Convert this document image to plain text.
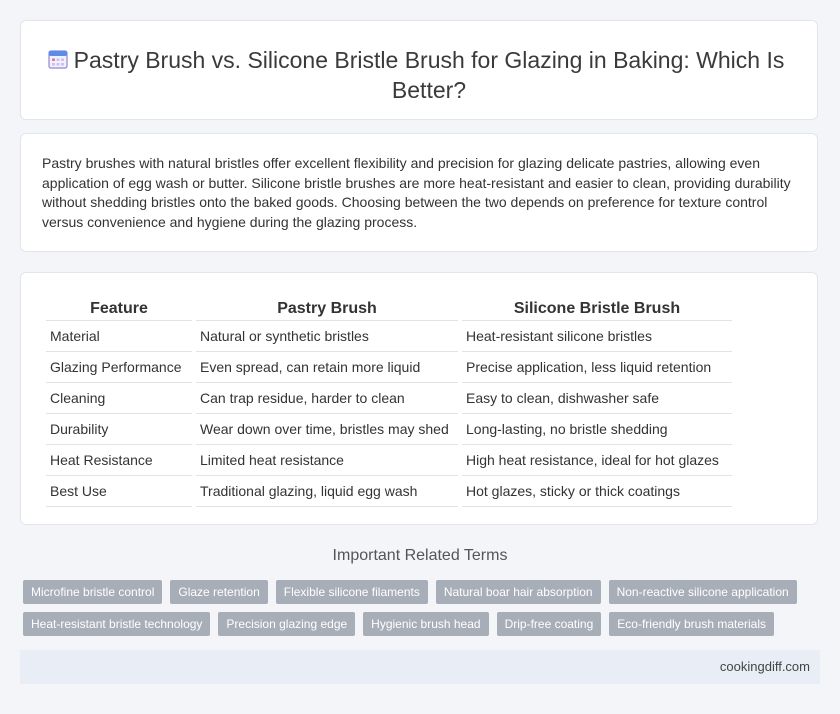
Pastry Brush vs. Silicone Bristle Brush for Glazing in Baking: Which Is Better?

Pastry brushes with natural bristles offer excellent flexibility and precision for glazing delicate pastries, allowing even application of egg wash or butter. Silicone bristle brushes are more heat-resistant and easier to clean, providing durability without shedding bristles onto the baked goods. Choosing between the two depends on preference for texture control versus convenience and hygiene during the glazing process.

Feature	Pastry Brush	Silicone Bristle Brush
Material	Natural or synthetic bristles	Heat-resistant silicone bristles
Glazing Performance	Even spread, can retain more liquid	Precise application, less liquid retention
Cleaning	Can trap residue, harder to clean	Easy to clean, dishwasher safe
Durability	Wear down over time, bristles may shed	Long-lasting, no bristle shedding
Heat Resistance	Limited heat resistance	High heat resistance, ideal for hot glazes
Best Use	Traditional glazing, liquid egg wash	Hot glazes, sticky or thick coatings
Important Related Terms
Microfine bristle control	Glaze retention	Flexible silicone filaments	Natural boar hair absorption	Non-reactive silicone application
Heat-resistant bristle technology	Precision glazing edge	Hygienic brush head	Drip-free coating	Eco-friendly brush materials
cookingdiff.com
